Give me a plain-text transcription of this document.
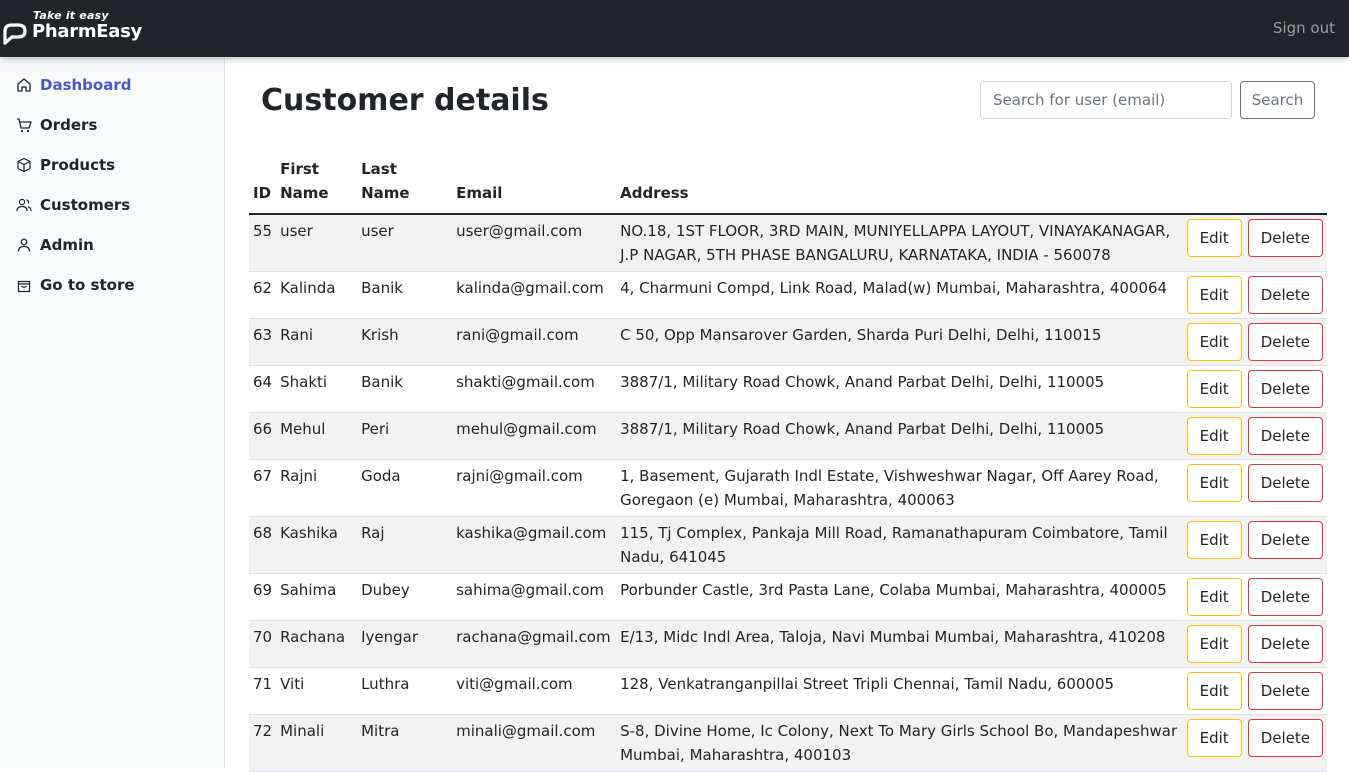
Take it easy
PharmEasy	Sign out
Dashboard
Orders
Products
Customers
Admin
Go to store
Customer details
Search for user (email)	Search
ID	First Name	Last Name	Email	Address	
55	user	user	user@gmail.com	NO.18, 1ST FLOOR, 3RD MAIN, MUNIYELLAPPA LAYOUT, VINAYAKANAGAR, J.P NAGAR, 5TH PHASE BANGALURU, KARNATAKA, INDIA - 560078	Edit Delete
62	Kalinda	Banik	kalinda@gmail.com	4, Charmuni Compd, Link Road, Malad(w) Mumbai, Maharashtra, 400064	Edit Delete
63	Rani	Krish	rani@gmail.com	C 50, Opp Mansarover Garden, Sharda Puri Delhi, Delhi, 110015	Edit Delete
64	Shakti	Banik	shakti@gmail.com	3887/1, Military Road Chowk, Anand Parbat Delhi, Delhi, 110005	Edit Delete
66	Mehul	Peri	mehul@gmail.com	3887/1, Military Road Chowk, Anand Parbat Delhi, Delhi, 110005	Edit Delete
67	Rajni	Goda	rajni@gmail.com	1, Basement, Gujarath Indl Estate, Vishweshwar Nagar, Off Aarey Road, Goregaon (e) Mumbai, Maharashtra, 400063	Edit Delete
68	Kashika	Raj	kashika@gmail.com	115, Tj Complex, Pankaja Mill Road, Ramanathapuram Coimbatore, Tamil Nadu, 641045	Edit Delete
69	Sahima	Dubey	sahima@gmail.com	Porbunder Castle, 3rd Pasta Lane, Colaba Mumbai, Maharashtra, 400005	Edit Delete
70	Rachana	Iyengar	rachana@gmail.com	E/13, Midc Indl Area, Taloja, Navi Mumbai Mumbai, Maharashtra, 410208	Edit Delete
71	Viti	Luthra	viti@gmail.com	128, Venkatranganpillai Street Tripli Chennai, Tamil Nadu, 600005	Edit Delete
72	Minali	Mitra	minali@gmail.com	S-8, Divine Home, Ic Colony, Next To Mary Girls School Bo, Mandapeshwar Mumbai, Maharashtra, 400103	Edit Delete
